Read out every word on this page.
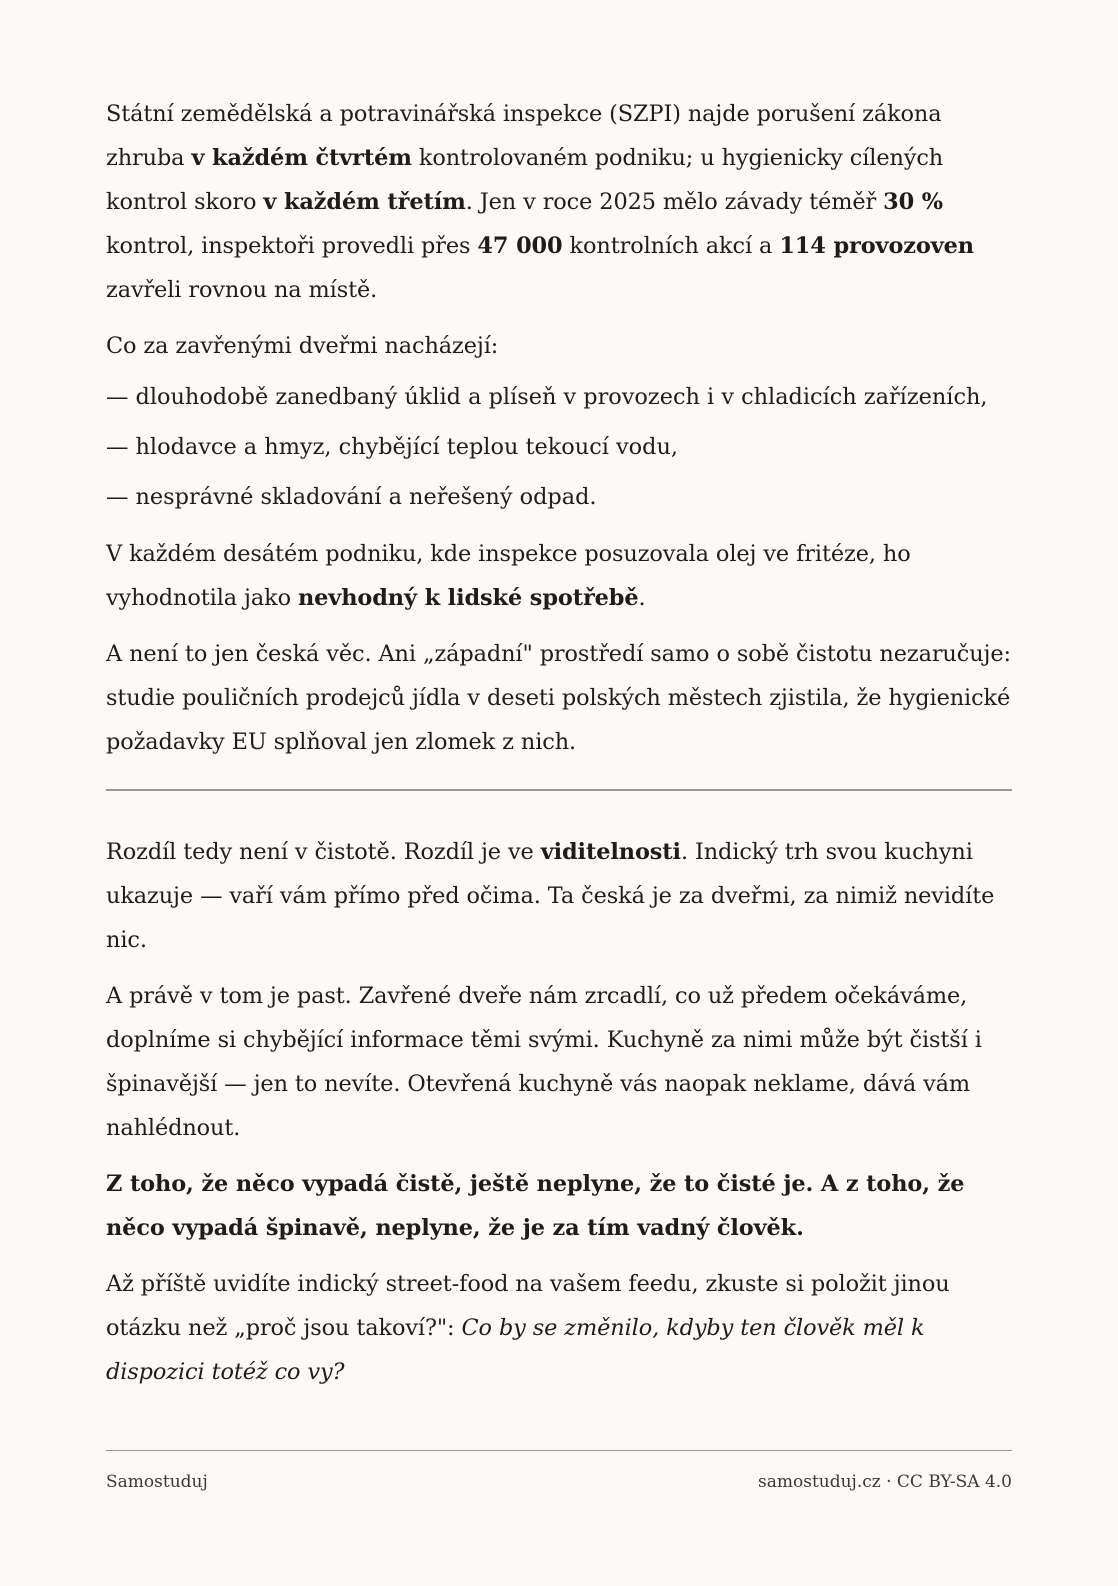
Státní zemědělská a potravinářská inspekce (SZPI) najde porušení zákona zhruba v každém čtvrtém kontrolovaném podniku; u hygienicky cílených kontrol skoro v každém třetím. Jen v roce 2025 mělo závady téměř 30 % kontrol, inspektoři provedli přes 47 000 kontrolních akcí a 114 provozoven zavřeli rovnou na místě.

Co za zavřenými dveřmi nacházejí:

— dlouhodobě zanedbaný úklid a plíseň v provozech i v chladicích zařízeních,

— hlodavce a hmyz, chybějící teplou tekoucí vodu,

— nesprávné skladování a neřešený odpad.

V každém desátém podniku, kde inspekce posuzovala olej ve fritéze, ho vyhodnotila jako nevhodný k lidské spotřebě.

A není to jen česká věc. Ani „západní" prostředí samo o sobě čistotu nezaručuje: studie pouličních prodejců jídla v deseti polských městech zjistila, že hygienické požadavky EU splňoval jen zlomek z nich.

Rozdíl tedy není v čistotě. Rozdíl je ve viditelnosti. Indický trh svou kuchyni ukazuje — vaří vám přímo před očima. Ta česká je za dveřmi, za nimiž nevidíte nic.

A právě v tom je past. Zavřené dveře nám zrcadlí, co už předem očekáváme, doplníme si chybějící informace těmi svými. Kuchyně za nimi může být čistší i špinavější — jen to nevíte. Otevřená kuchyně vás naopak neklame, dává vám nahlédnout.

Z toho, že něco vypadá čistě, ještě neplyne, že to čisté je. A z toho, že něco vypadá špinavě, neplyne, že je za tím vadný člověk.

Až příště uvidíte indický street-food na vašem feedu, zkuste si položit jinou otázku než „proč jsou takoví?": Co by se změnilo, kdyby ten člověk měl k dispozici totéž co vy?

Samostuduj	samostuduj.cz · CC BY-SA 4.0
